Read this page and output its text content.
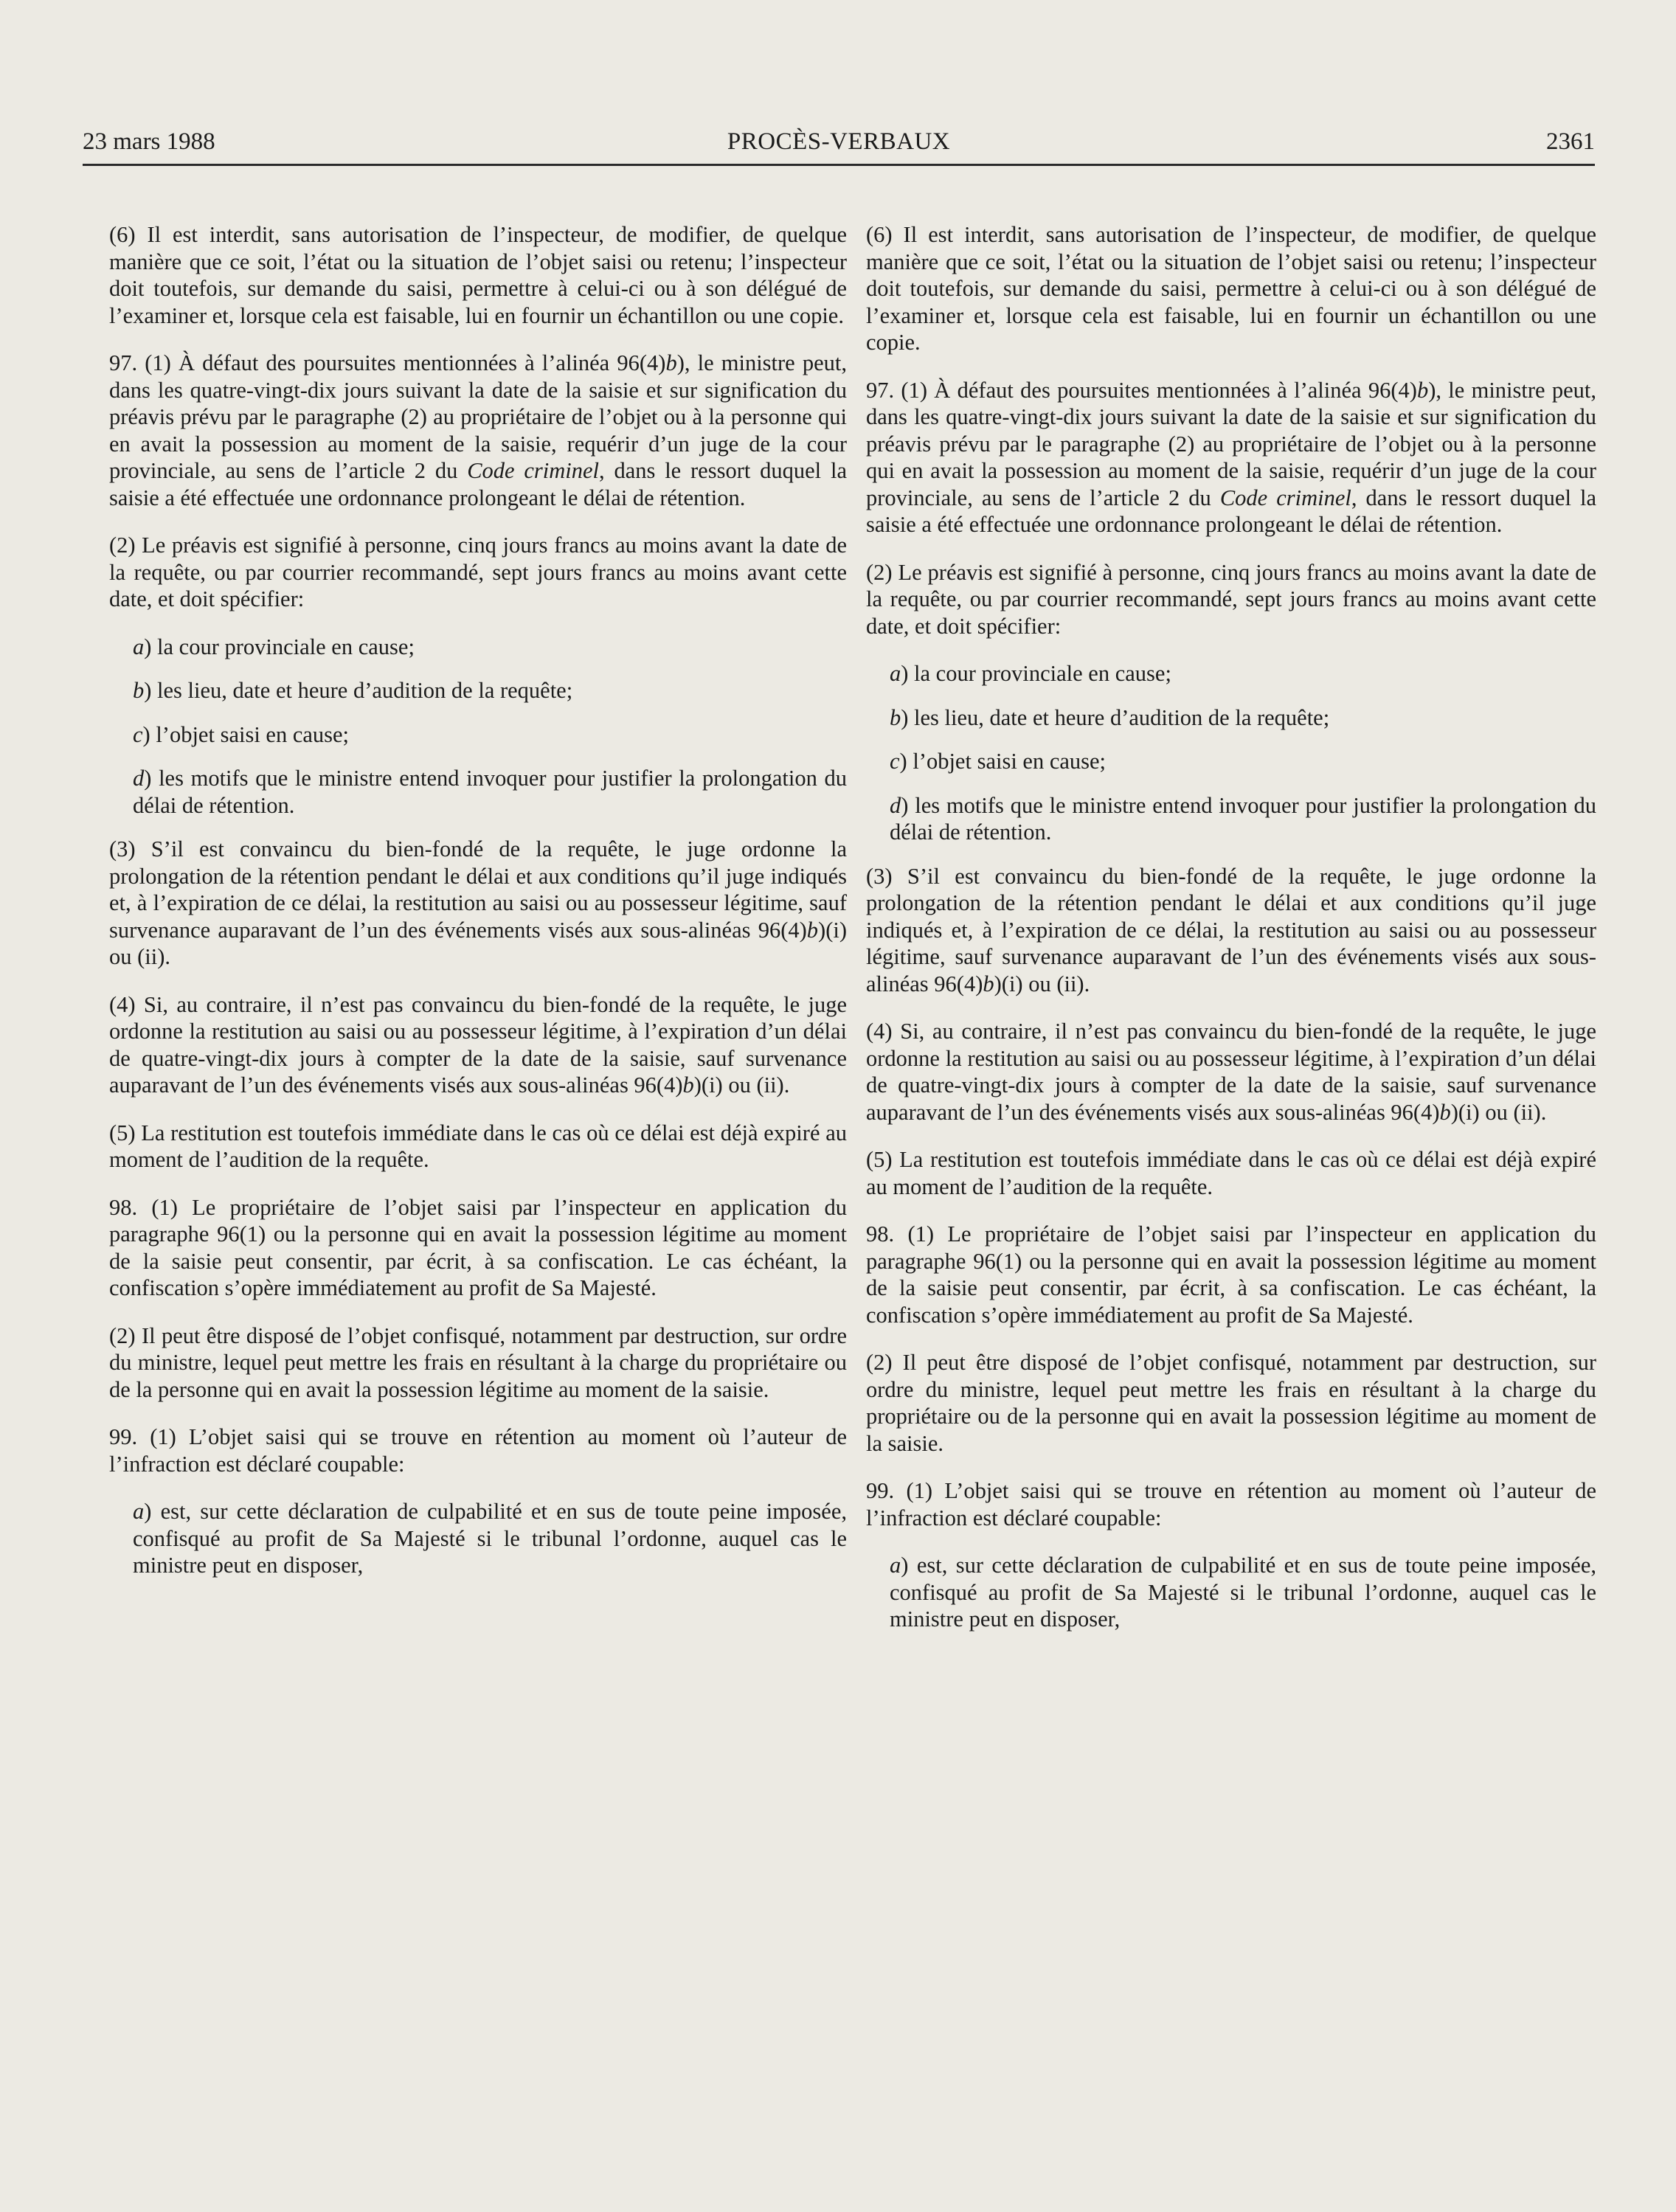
23 mars 1988	PROCÈS-VERBAUX	2361

(6) Il est interdit, sans autorisation de l’inspecteur, de modifier, de quelque manière que ce soit, l’état ou la situation de l’objet saisi ou retenu; l’inspecteur doit toutefois, sur demande du saisi, permettre à celui-ci ou à son délégué de l’examiner et, lorsque cela est faisable, lui en fournir un échantillon ou une copie.

97. (1) À défaut des poursuites mentionnées à l’alinéa 96(4)b), le ministre peut, dans les quatre-vingt-dix jours suivant la date de la saisie et sur signification du préavis prévu par le paragraphe (2) au propriétaire de l’objet ou à la personne qui en avait la possession au moment de la saisie, requérir d’un juge de la cour provinciale, au sens de l’article 2 du Code criminel, dans le ressort duquel la saisie a été effectuée une ordonnance prolongeant le délai de rétention.

(2) Le préavis est signifié à personne, cinq jours francs au moins avant la date de la requête, ou par courrier recommandé, sept jours francs au moins avant cette date, et doit spécifier:

a) la cour provinciale en cause;

b) les lieu, date et heure d’audition de la requête;

c) l’objet saisi en cause;

d) les motifs que le ministre entend invoquer pour justifier la prolongation du délai de rétention.

(3) S’il est convaincu du bien-fondé de la requête, le juge ordonne la prolongation de la rétention pendant le délai et aux conditions qu’il juge indiqués et, à l’expiration de ce délai, la restitution au saisi ou au possesseur légitime, sauf survenance auparavant de l’un des événements visés aux sous-alinéas 96(4)b)(i) ou (ii).

(4) Si, au contraire, il n’est pas convaincu du bien-fondé de la requête, le juge ordonne la restitution au saisi ou au possesseur légitime, à l’expiration d’un délai de quatre-vingt-dix jours à compter de la date de la saisie, sauf survenance auparavant de l’un des événements visés aux sous-alinéas 96(4)b)(i) ou (ii).

(5) La restitution est toutefois immédiate dans le cas où ce délai est déjà expiré au moment de l’audition de la requête.

98. (1) Le propriétaire de l’objet saisi par l’inspecteur en application du paragraphe 96(1) ou la personne qui en avait la possession légitime au moment de la saisie peut consentir, par écrit, à sa confiscation. Le cas échéant, la confiscation s’opère immédiatement au profit de Sa Majesté.

(2) Il peut être disposé de l’objet confisqué, notamment par destruction, sur ordre du ministre, lequel peut mettre les frais en résultant à la charge du propriétaire ou de la personne qui en avait la possession légitime au moment de la saisie.

99. (1) L’objet saisi qui se trouve en rétention au moment où l’auteur de l’infraction est déclaré coupable:

a) est, sur cette déclaration de culpabilité et en sus de toute peine imposée, confisqué au profit de Sa Majesté si le tribunal l’ordonne, auquel cas le ministre peut en disposer,

(6) Il est interdit, sans autorisation de l’inspecteur, de modifier, de quelque manière que ce soit, l’état ou la situation de l’objet saisi ou retenu; l’inspecteur doit toutefois, sur demande du saisi, permettre à celui-ci ou à son délégué de l’examiner et, lorsque cela est faisable, lui en fournir un échantillon ou une copie.

97. (1) À défaut des poursuites mentionnées à l’alinéa 96(4)b), le ministre peut, dans les quatre-vingt-dix jours suivant la date de la saisie et sur signification du préavis prévu par le paragraphe (2) au propriétaire de l’objet ou à la personne qui en avait la possession au moment de la saisie, requérir d’un juge de la cour provinciale, au sens de l’article 2 du Code criminel, dans le ressort duquel la saisie a été effectuée une ordonnance prolongeant le délai de rétention.

(2) Le préavis est signifié à personne, cinq jours francs au moins avant la date de la requête, ou par courrier recommandé, sept jours francs au moins avant cette date, et doit spécifier:

a) la cour provinciale en cause;

b) les lieu, date et heure d’audition de la requête;

c) l’objet saisi en cause;

d) les motifs que le ministre entend invoquer pour justifier la prolongation du délai de rétention.

(3) S’il est convaincu du bien-fondé de la requête, le juge ordonne la prolongation de la rétention pendant le délai et aux conditions qu’il juge indiqués et, à l’expiration de ce délai, la restitution au saisi ou au possesseur légitime, sauf survenance auparavant de l’un des événements visés aux sous-alinéas 96(4)b)(i) ou (ii).

(4) Si, au contraire, il n’est pas convaincu du bien-fondé de la requête, le juge ordonne la restitution au saisi ou au possesseur légitime, à l’expiration d’un délai de quatre-vingt-dix jours à compter de la date de la saisie, sauf survenance auparavant de l’un des événements visés aux sous-alinéas 96(4)b)(i) ou (ii).

(5) La restitution est toutefois immédiate dans le cas où ce délai est déjà expiré au moment de l’audition de la requête.

98. (1) Le propriétaire de l’objet saisi par l’inspecteur en application du paragraphe 96(1) ou la personne qui en avait la possession légitime au moment de la saisie peut consentir, par écrit, à sa confiscation. Le cas échéant, la confiscation s’opère immédiatement au profit de Sa Majesté.

(2) Il peut être disposé de l’objet confisqué, notamment par destruction, sur ordre du ministre, lequel peut mettre les frais en résultant à la charge du propriétaire ou de la personne qui en avait la possession légitime au moment de la saisie.

99. (1) L’objet saisi qui se trouve en rétention au moment où l’auteur de l’infraction est déclaré coupable:

a) est, sur cette déclaration de culpabilité et en sus de toute peine imposée, confisqué au profit de Sa Majesté si le tribunal l’ordonne, auquel cas le ministre peut en disposer,
